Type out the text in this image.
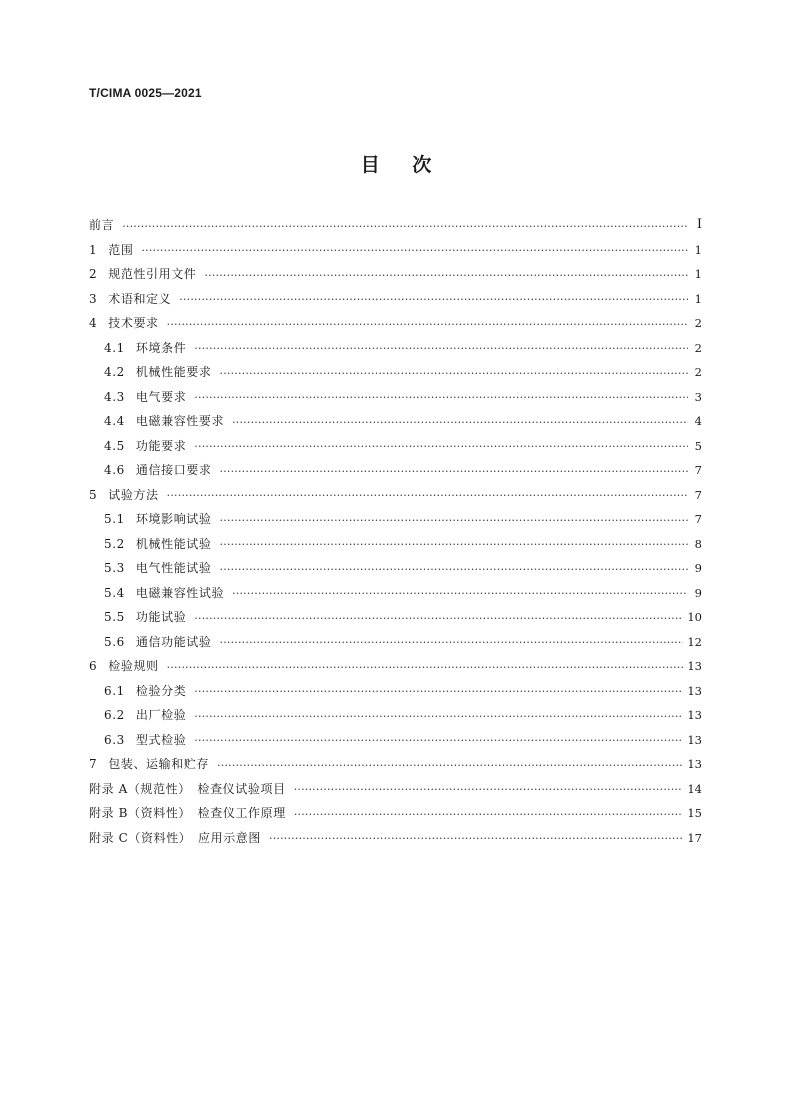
T/CIMA 0025—2021
目 次
前言 ·····	I
1 范围 ·····	1
2 规范性引用文件 ·····	1
3 术语和定义 ·····	1
4 技术要求 ·····	2
4.1 环境条件 ·····	2
4.2 机械性能要求 ·····	2
4.3 电气要求 ·····	3
4.4 电磁兼容性要求 ·····	4
4.5 功能要求 ·····	5
4.6 通信接口要求 ·····	7
5 试验方法 ·····	7
5.1 环境影响试验 ·····	7
5.2 机械性能试验 ·····	8
5.3 电气性能试验 ·····	9
5.4 电磁兼容性试验 ·····	9
5.5 功能试验 ·····	10
5.6 通信功能试验 ·····	12
6 检验规则 ·····	13
6.1 检验分类 ·····	13
6.2 出厂检验 ·····	13
6.3 型式检验 ·····	13
7 包装、运输和贮存 ·····	13
附录 A（规范性）　检查仪试验项目 ·····	14
附录 B（资料性）　检查仪工作原理 ·····	15
附录 C（资料性）　应用示意图 ·····	17
